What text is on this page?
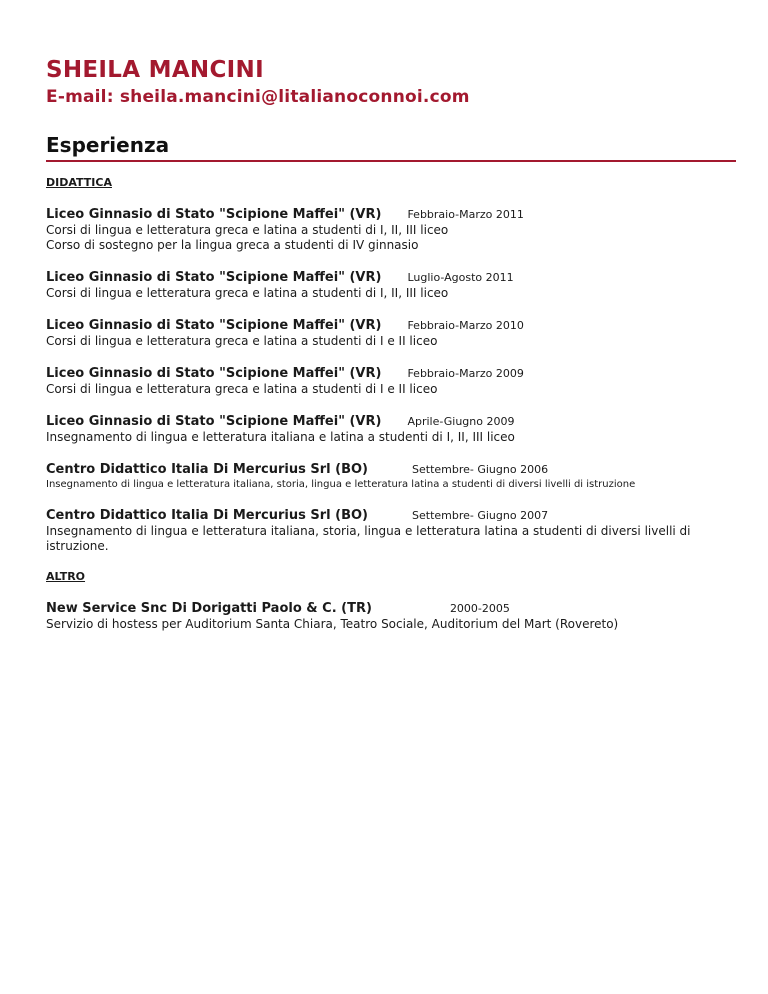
SHEILA MANCINI
E-mail: sheila.mancini@litalianoconnoi.com
Esperienza
DIDATTICA
Liceo Ginnasio di Stato "Scipione Maffei" (VR) Febbraio-Marzo 2011
Corsi di lingua e letteratura greca e latina a studenti di I, II, III liceo
Corso di sostegno per la lingua greca a studenti di IV ginnasio
Liceo Ginnasio di Stato "Scipione Maffei" (VR) Luglio-Agosto 2011
Corsi di lingua e letteratura greca e latina a studenti di I, II, III liceo
Liceo Ginnasio di Stato "Scipione Maffei" (VR) Febbraio-Marzo 2010
Corsi di lingua e letteratura greca e latina a studenti di I e II liceo
Liceo Ginnasio di Stato "Scipione Maffei" (VR) Febbraio-Marzo 2009
Corsi di lingua e letteratura greca e latina a studenti di I e II liceo
Liceo Ginnasio di Stato "Scipione Maffei" (VR) Aprile-Giugno 2009
Insegnamento di lingua e letteratura italiana e latina a studenti di I, II, III liceo
Centro Didattico Italia Di Mercurius Srl (BO)	Settembre- Giugno 2006
Insegnamento di lingua e letteratura italiana, storia, lingua e letteratura latina a studenti di diversi livelli di istruzione
Centro Didattico Italia Di Mercurius Srl (BO)	Settembre- Giugno 2007
Insegnamento di lingua e letteratura italiana, storia, lingua e letteratura latina a studenti di diversi livelli di istruzione.
ALTRO
New Service Snc Di Dorigatti Paolo & C. (TR)	2000-2005
Servizio di hostess per Auditorium Santa Chiara, Teatro Sociale, Auditorium del Mart (Rovereto)
